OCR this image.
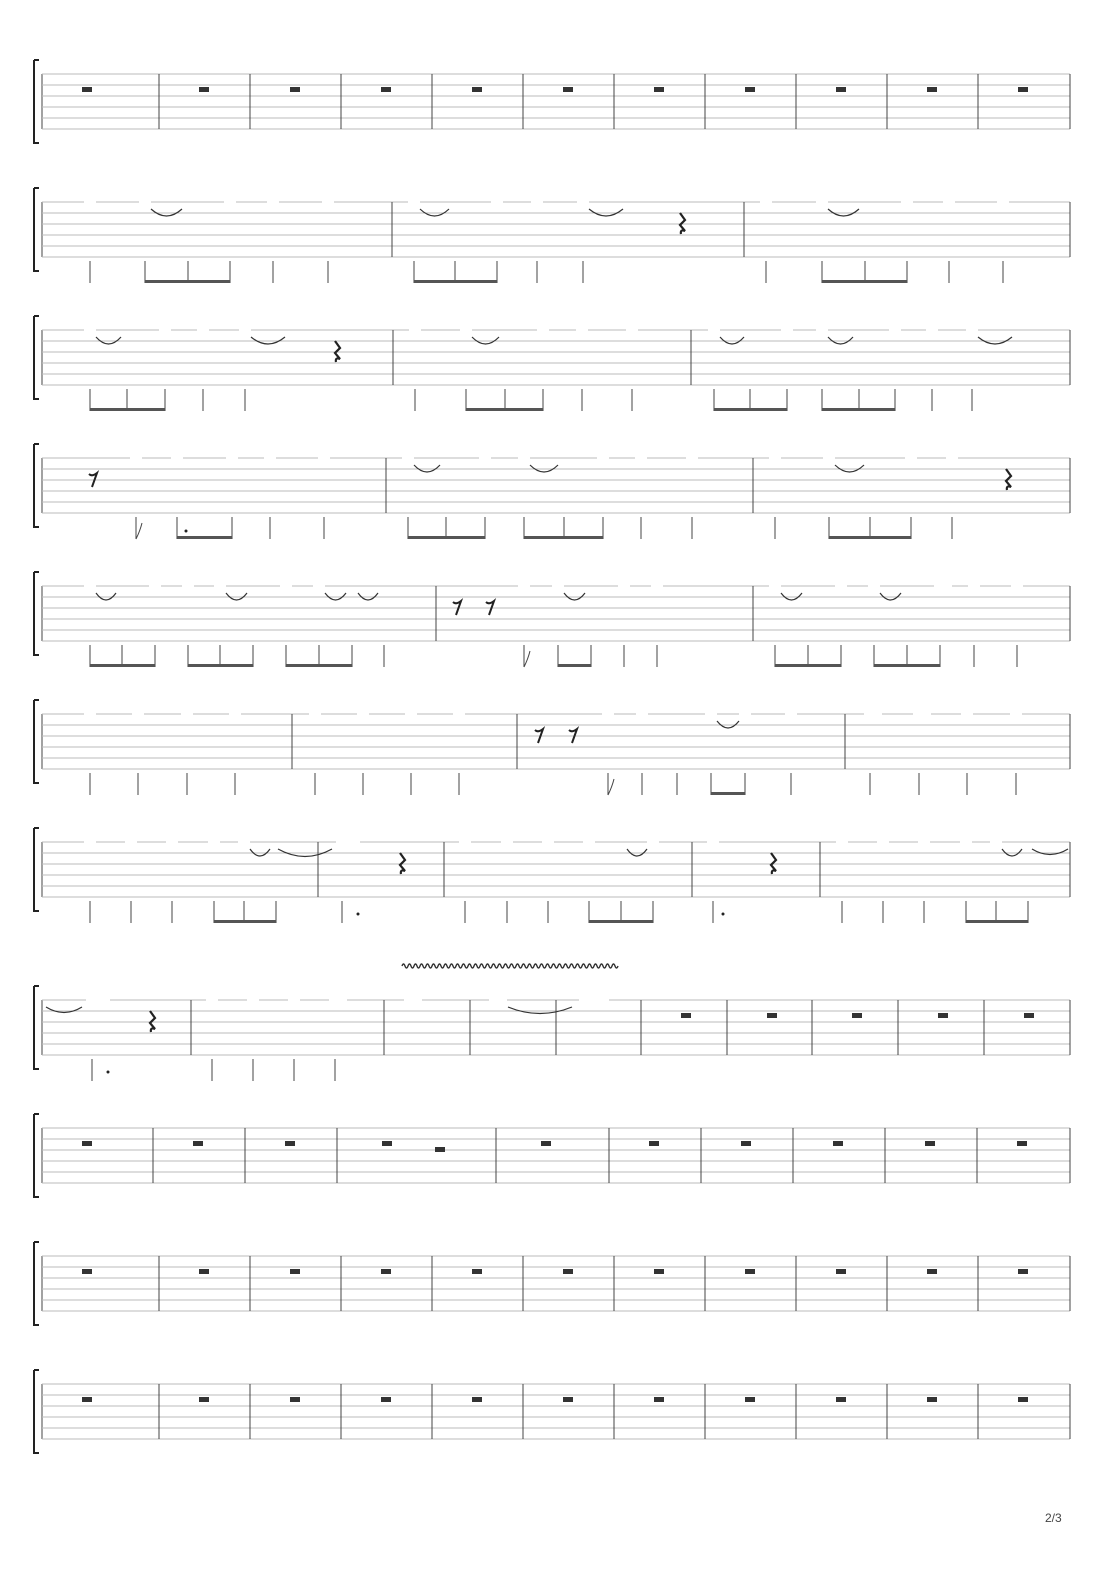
2/3
